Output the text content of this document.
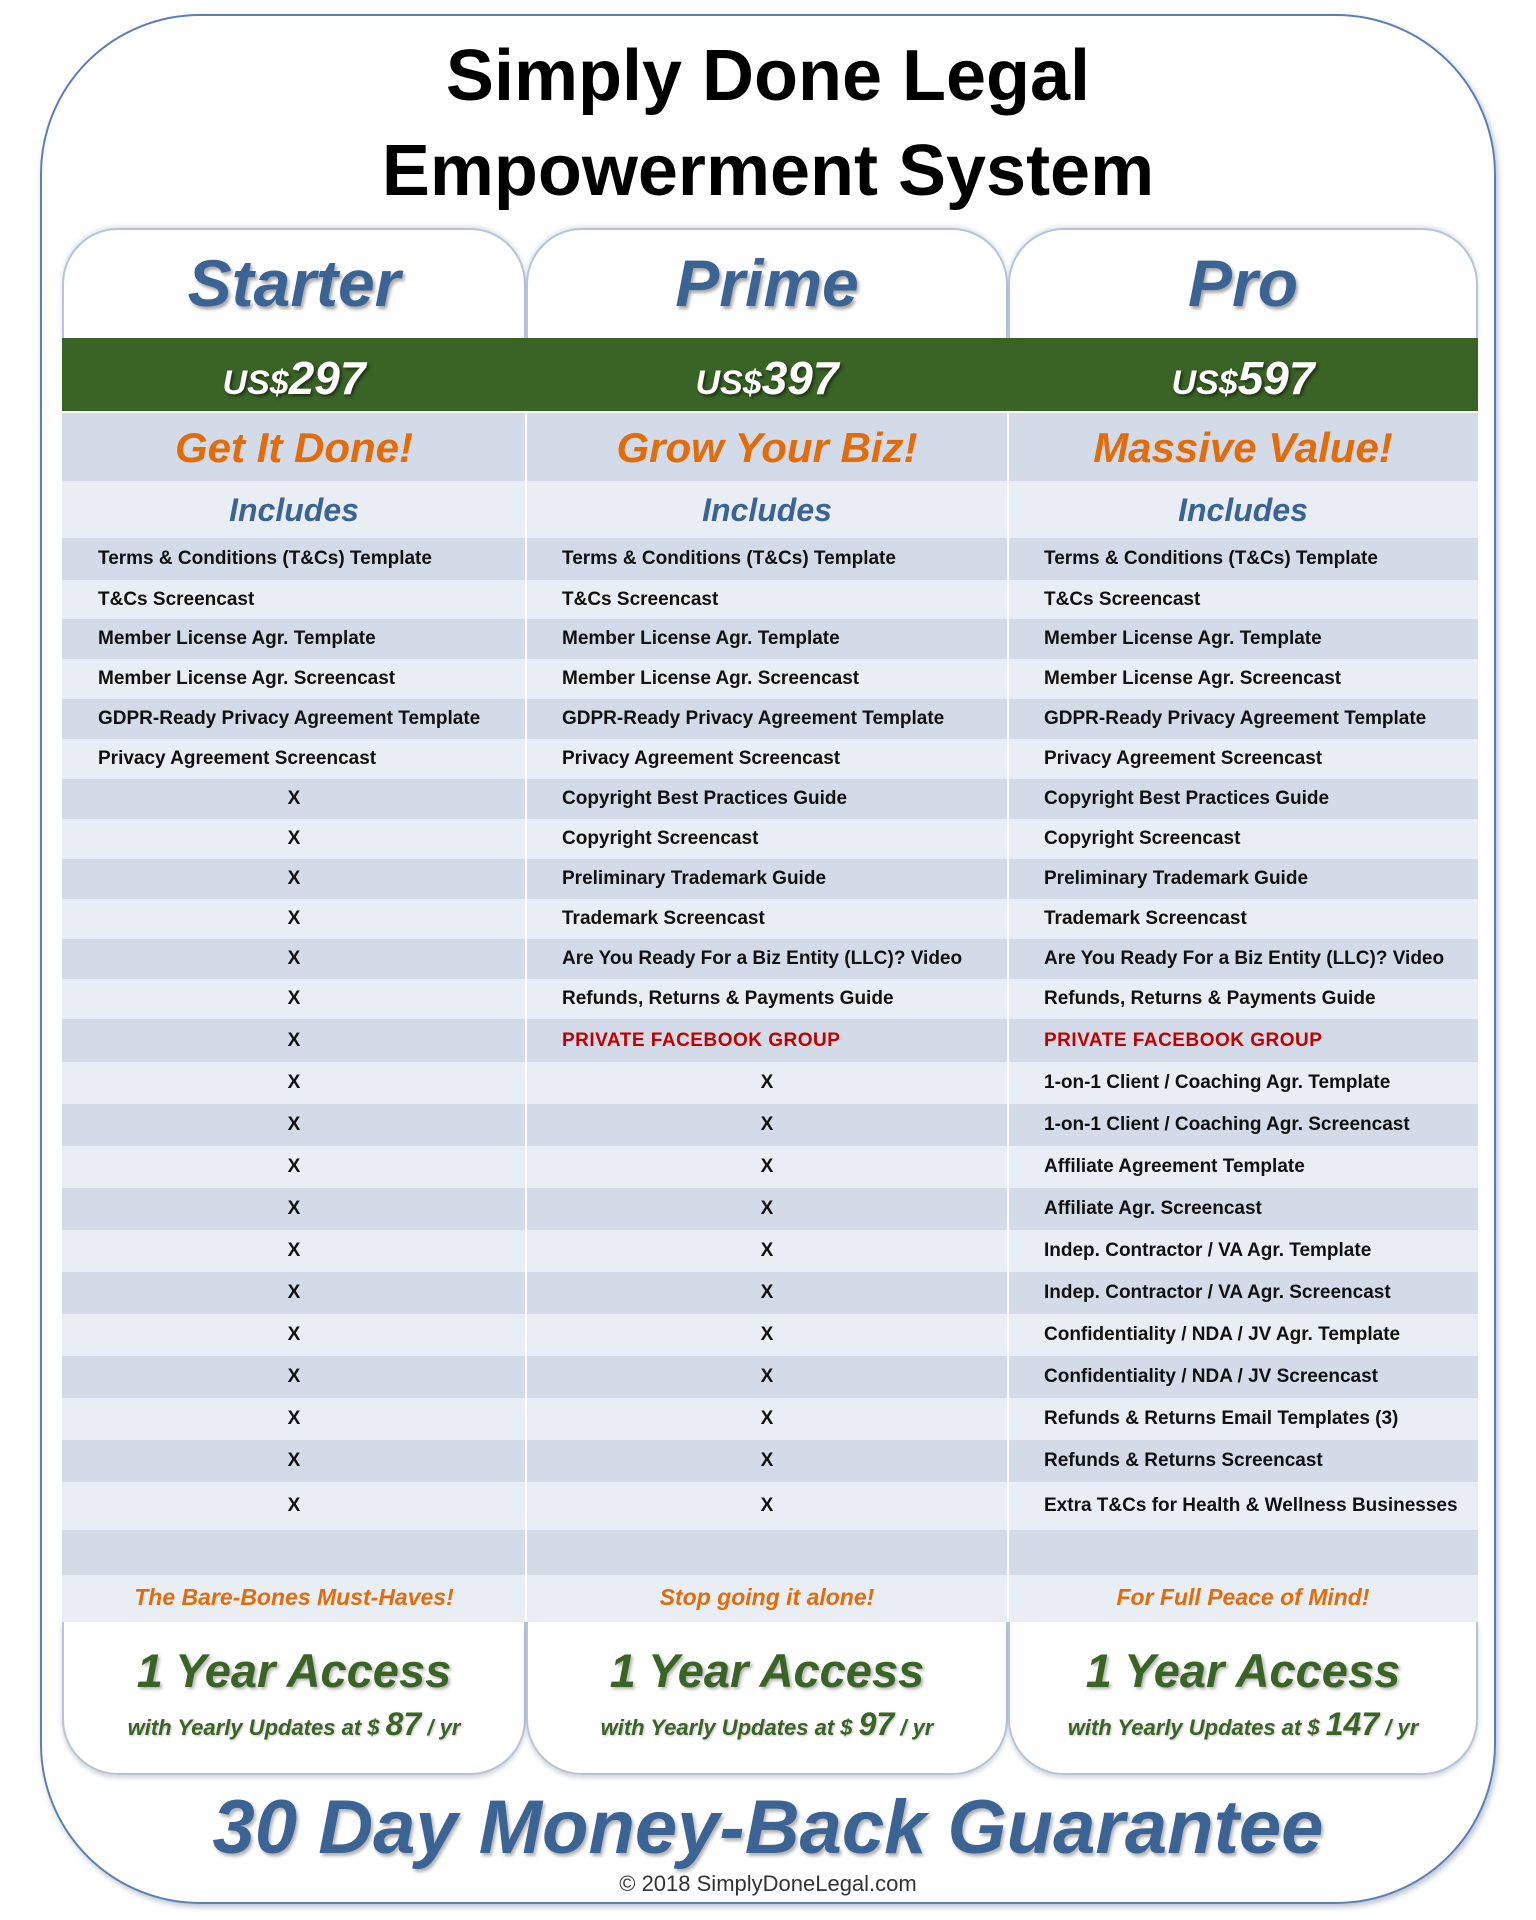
Simply Done Legal
Empowerment System
Starter	Prime	Pro
US$297	US$397	US$597
Get It Done!	Grow Your Biz!	Massive Value!
Includes	Includes	Includes
Terms & Conditions (T&Cs) Template	Terms & Conditions (T&Cs) Template	Terms & Conditions (T&Cs) Template
T&Cs Screencast	T&Cs Screencast	T&Cs Screencast
Member License Agr. Template	Member License Agr. Template	Member License Agr. Template
Member License Agr. Screencast	Member License Agr. Screencast	Member License Agr. Screencast
GDPR-Ready Privacy Agreement Template	GDPR-Ready Privacy Agreement Template	GDPR-Ready Privacy Agreement Template
Privacy Agreement Screencast	Privacy Agreement Screencast	Privacy Agreement Screencast
X	Copyright Best Practices Guide	Copyright Best Practices Guide
X	Copyright Screencast	Copyright Screencast
X	Preliminary Trademark Guide	Preliminary Trademark Guide
X	Trademark Screencast	Trademark Screencast
X	Are You Ready For a Biz Entity (LLC)? Video	Are You Ready For a Biz Entity (LLC)? Video
X	Refunds, Returns & Payments Guide	Refunds, Returns & Payments Guide
X	PRIVATE FACEBOOK GROUP	PRIVATE FACEBOOK GROUP
X	X	1-on-1 Client / Coaching Agr. Template
X	X	1-on-1 Client / Coaching Agr. Screencast
X	X	Affiliate Agreement Template
X	X	Affiliate Agr. Screencast
X	X	Indep. Contractor / VA Agr. Template
X	X	Indep. Contractor / VA Agr. Screencast
X	X	Confidentiality / NDA / JV Agr. Template
X	X	Confidentiality / NDA / JV Screencast
X	X	Refunds & Returns Email Templates (3)
X	X	Refunds & Returns Screencast
X	X	Extra T&Cs for Health & Wellness Businesses
The Bare-Bones Must-Haves!	Stop going it alone!	For Full Peace of Mind!
1 Year Access	1 Year Access	1 Year Access
with Yearly Updates at $ 87 / yr	with Yearly Updates at $ 97 / yr	with Yearly Updates at $ 147 / yr
30 Day Money-Back Guarantee
© 2018 SimplyDoneLegal.com
